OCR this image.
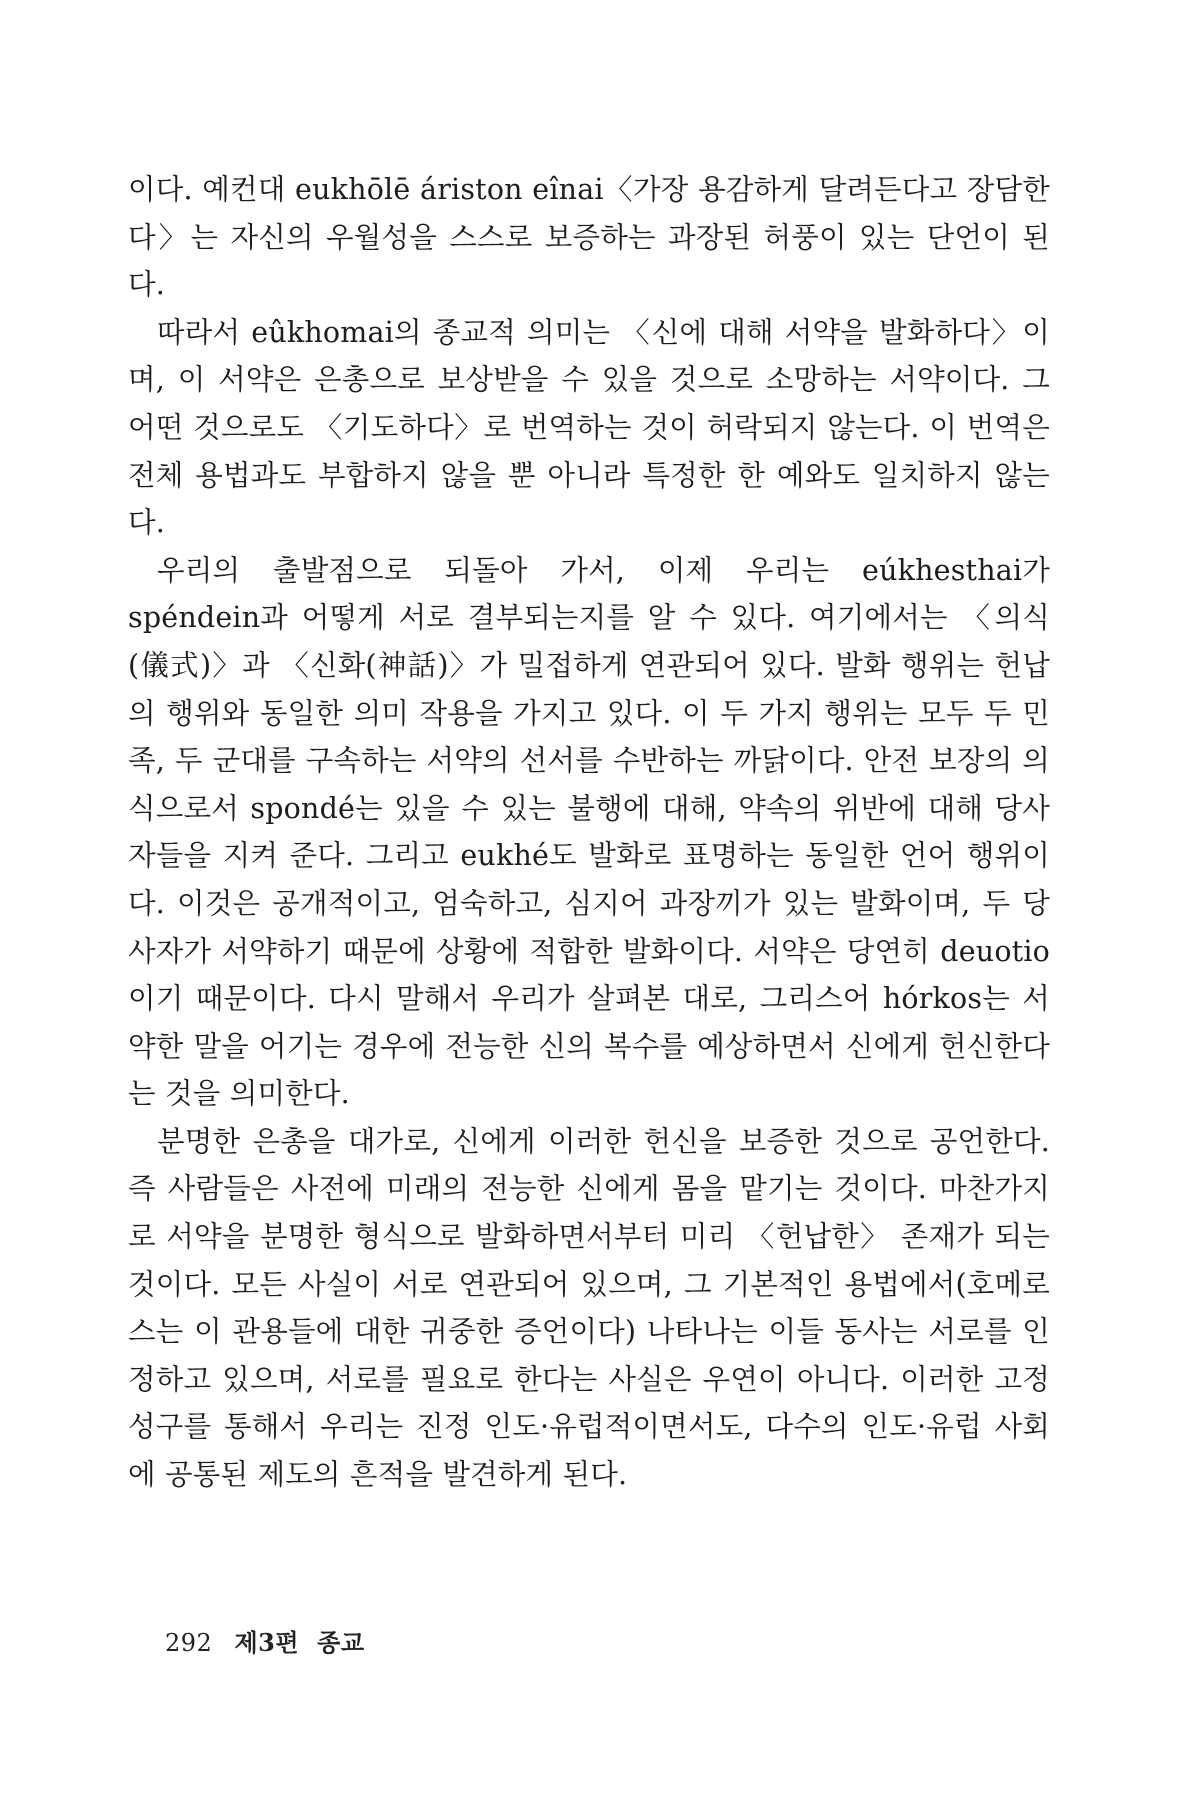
이다. 예컨대 eukhōlē áriston eînai〈가장 용감하게 달려든다고 장담한다〉는 자신의 우월성을 스스로 보증하는 과장된 허풍이 있는 단언이 된다.

따라서 eûkhomai의 종교적 의미는 〈신에 대해 서약을 발화하다〉이며, 이 서약은 은총으로 보상받을 수 있을 것으로 소망하는 서약이다. 그 어떤 것으로도 〈기도하다〉로 번역하는 것이 허락되지 않는다. 이 번역은 전체 용법과도 부합하지 않을 뿐 아니라 특정한 한 예와도 일치하지 않는다.

우리의 출발점으로 되돌아 가서, 이제 우리는 eúkhesthai가 spéndein과 어떻게 서로 결부되는지를 알 수 있다. 여기에서는 〈의식(儀式)〉과 〈신화(神話)〉가 밀접하게 연관되어 있다. 발화 행위는 헌납의 행위와 동일한 의미 작용을 가지고 있다. 이 두 가지 행위는 모두 두 민족, 두 군대를 구속하는 서약의 선서를 수반하는 까닭이다. 안전 보장의 의식으로서 spondé는 있을 수 있는 불행에 대해, 약속의 위반에 대해 당사자들을 지켜 준다. 그리고 eukhé도 발화로 표명하는 동일한 언어 행위이다. 이것은 공개적이고, 엄숙하고, 심지어 과장끼가 있는 발화이며, 두 당사자가 서약하기 때문에 상황에 적합한 발화이다. 서약은 당연히 deuotio이기 때문이다. 다시 말해서 우리가 살펴본 대로, 그리스어 hórkos는 서약한 말을 어기는 경우에 전능한 신의 복수를 예상하면서 신에게 헌신한다는 것을 의미한다.

분명한 은총을 대가로, 신에게 이러한 헌신을 보증한 것으로 공언한다. 즉 사람들은 사전에 미래의 전능한 신에게 몸을 맡기는 것이다. 마찬가지로 서약을 분명한 형식으로 발화하면서부터 미리 〈헌납한〉 존재가 되는 것이다. 모든 사실이 서로 연관되어 있으며, 그 기본적인 용법에서(호메로스는 이 관용들에 대한 귀중한 증언이다) 나타나는 이들 동사는 서로를 인정하고 있으며, 서로를 필요로 한다는 사실은 우연이 아니다. 이러한 고정 성구를 통해서 우리는 진정 인도·유럽적이면서도, 다수의 인도·유럽 사회에 공통된 제도의 흔적을 발견하게 된다.

292 제3편 종교
